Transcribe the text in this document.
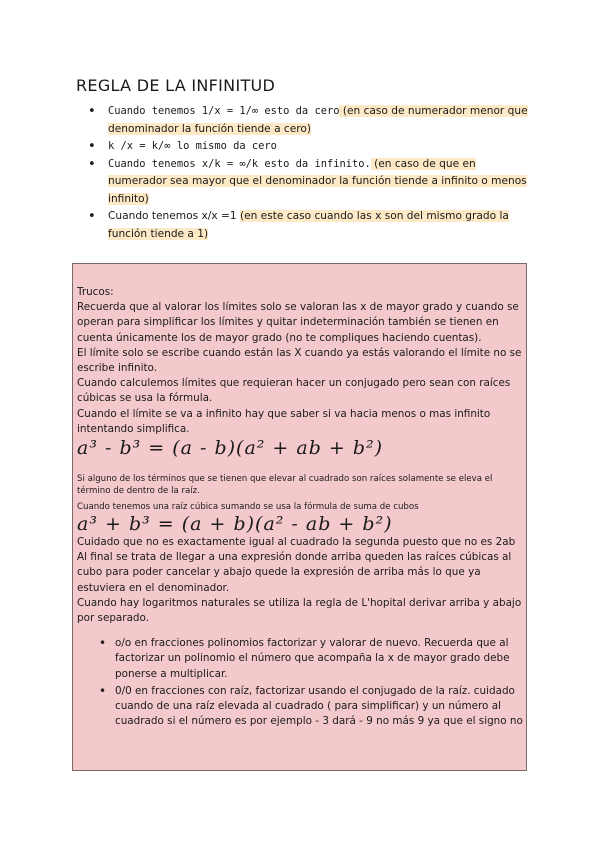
REGLA DE LA INFINITUD
• Cuando tenemos 1/x = 1/∞ esto da cero (en caso de numerador menor que denominador la función tiende a cero)
• k /x = k/∞ lo mismo da cero
• Cuando tenemos x/k = ∞/k esto da infinito. (en caso de que en numerador sea mayor que el denominador la función tiende a infinito o menos infinito)
• Cuando tenemos x/x =1 (en este caso cuando las x son del mismo grado la función tiende a 1)

Trucos:

Recuerda que al valorar los límites solo se valoran las x de mayor grado y cuando se operan para simplificar los límites y quitar indeterminación también se tienen en cuenta únicamente los de mayor grado (no te compliques haciendo cuentas).

El límite solo se escribe cuando están las X cuando ya estás valorando el límite no se escribe infinito.

Cuando calculemos límites que requieran hacer un conjugado pero sean con raíces cúbicas se usa la fórmula.

Cuando el límite se va a infinito hay que saber si va hacia menos o mas infinito intentando simplifica.

a³ - b³ = (a - b)(a² + ab + b²)

Si alguno de los términos que se tienen que elevar al cuadrado son raíces solamente se eleva el término de dentro de la raíz.

Cuando tenemos una raíz cúbica sumando se usa la fórmula de suma de cubos

a³ + b³ = (a + b)(a² - ab + b²)

Cuidado que no es exactamente igual al cuadrado la segunda puesto que no es 2ab

Al final se trata de llegar a una expresión donde arriba queden las raíces cúbicas al cubo para poder cancelar y abajo quede la expresión de arriba más lo que ya estuviera en el denominador.

Cuando hay logaritmos naturales se utiliza la regla de L'hopital derivar arriba y abajo por separado.

• o/o en fracciones polinomios factorizar y valorar de nuevo. Recuerda que al factorizar un polinomio el número que acompaña la x de mayor grado debe ponerse a multiplicar.
• 0/0 en fracciones con raíz, factorizar usando el conjugado de la raíz. cuidado cuando de una raíz elevada al cuadrado ( para simplificar) y un número al cuadrado si el número es por ejemplo - 3 dará - 9 no más 9 ya que el signo no
